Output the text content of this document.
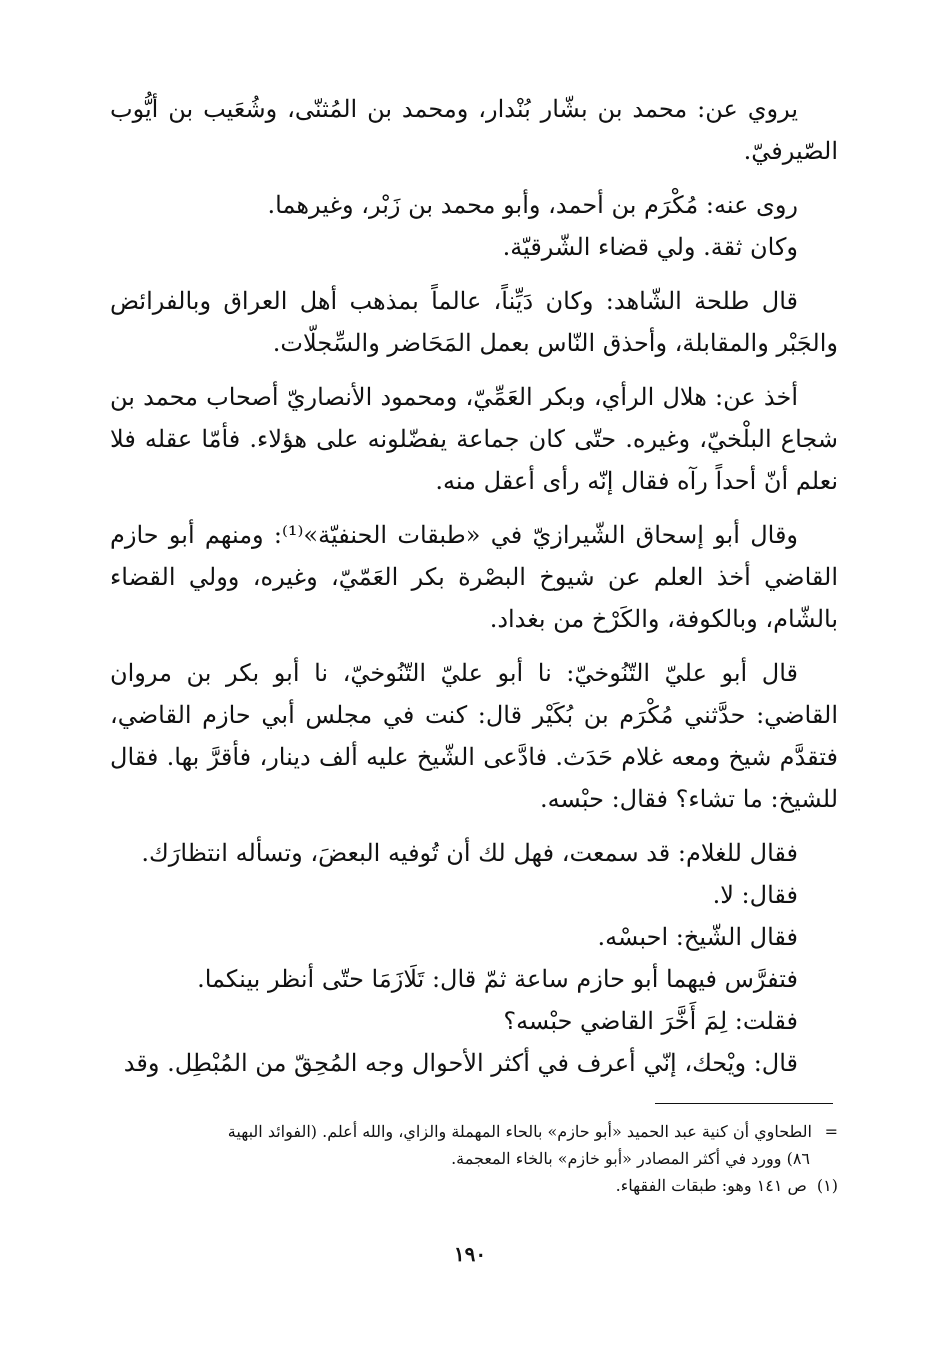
يروي عن: محمد بن بشّار بُنْدار، ومحمد بن المُثنّى، وشُعَيب بن أيُّوب الصّيرفيّ.

روى عنه: مُكْرَم بن أحمد، وأبو محمد بن زَبْر، وغيرهما.

وكان ثقة. ولي قضاء الشّرقيّة.

قال طلحة الشّاهد: وكان دَيِّناً، عالماً بمذهب أهل العراق وبالفرائض والجَبْر والمقابلة، وأحذق النّاس بعمل المَحَاضر والسِّجلّات.

أخذ عن: هلال الرأي، وبكر العَمِّيّ، ومحمود الأنصاريّ أصحاب محمد بن شجاع البلْخيّ، وغيره. حتّى كان جماعة يفضّلونه على هؤلاء. فأمّا عقله فلا نعلم أنّ أحداً رآه فقال إنّه رأى أعقل منه.

وقال أبو إسحاق الشّيرازيّ في «طبقات الحنفيّة»⁽¹⁾: ومنهم أبو حازم القاضي أخذ العلم عن شيوخ البصْرة بكر العَمّيّ، وغيره، وولي القضاء بالشّام، وبالكوفة، والكَرْخ من بغداد.

قال أبو عليّ التّنُوخيّ: نا أبو عليّ التّنُوخيّ، نا أبو بكر بن مروان القاضي: حدَّثني مُكْرَم بن بُكَيْر قال: كنت في مجلس أبي حازم القاضي، فتقدَّم شيخ ومعه غلام حَدَث. فادَّعى الشّيخ عليه ألف دينار، فأقرَّ بها. فقال للشيخ: ما تشاء؟ فقال: حبْسه.

فقال للغلام: قد سمعت، فهل لك أن تُوفيه البعضَ، وتسأله انتظارَك.

فقال: لا.

فقال الشّيخ: احبسْه.

فتفرَّس فيهما أبو حازم ساعة ثمّ قال: تَلَازَمَا حتّى أنظر بينكما.

فقلت: لِمَ أَخَّرَ القاضي حبْسه؟

قال: ويْحك، إنّي أعرف في أكثر الأحوال وجه المُحِقّ من المُبْطِل. وقد

=الطحاوي أن كنية عبد الحميد «أبو حازم» بالحاء المهملة والزاي، والله أعلم. (الفوائد البهية
٨٦) وورد في أكثر المصادر «أبو خازم» بالخاء المعجمة.
(١) ص ١٤١ وهو: طبقات الفقهاء.
١٩٠
